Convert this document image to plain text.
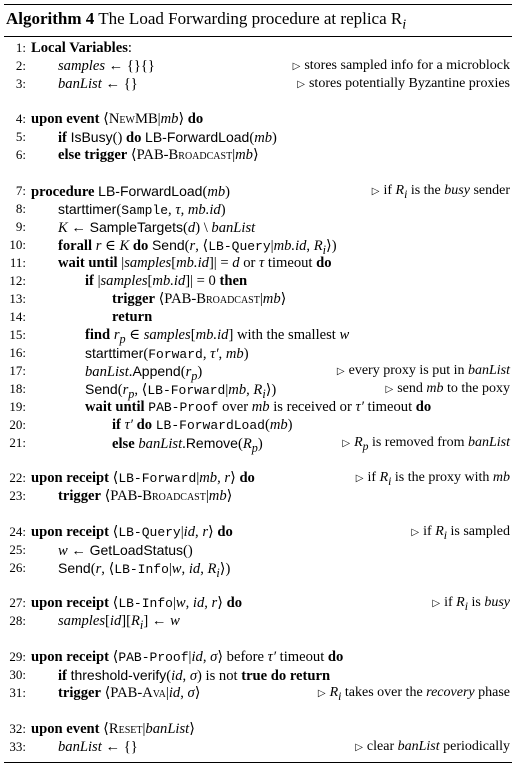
Algorithm 4 The Load Forwarding procedure at replica $R_i$
1: Local Variables:
2: samples ← {}{}	▷ stores sampled info for a microblock
3: banList ← {}	▷ stores potentially Byzantine proxies
4: upon event ⟨NewMB|mb⟩ do
5: if IsBusy() do LB-ForwardLoad(mb)
6: else trigger ⟨PAB-Broadcast|mb⟩
7: procedure LB-ForwardLoad(mb)	▷ if $R_i$ is the busy sender
8: starttimer(Sample, τ, mb.id)
9: K ← SampleTargets(d) \ banList
10: forall r ∈ K do Send(r, ⟨LB-Query|mb.id, $R_i⟩$)
11: wait until |samples[mb.id]| = d or τ timeout do
12:	if |samples[mb.id]| = 0 then
13:	trigger ⟨PAB-Broadcast|mb⟩
14:	return
15:	find $r_p$ ∈ samples[mb.id] with the smallest w
16:	starttimer(Forward, τ′, mb)
17:	$banList.Append(r_p)$	▷ every proxy is put in banList
18:	$Send(r_p$, ⟨LB-Forward|mb, $R_i⟩$)	▷ send mb to the poxy
19:	wait until PAB-Proof over mb is received or τ′ timeout do
20:	if τ′ do LB-ForwardLoad(mb)
21:	else $banList.Remove(R_p)$	▷ $R_p$ is removed from banList
22: upon receipt ⟨LB-Forward|mb, r⟩ do	▷ if $R_i$ is the proxy with mb
23: trigger ⟨PAB-Broadcast|mb⟩
24: upon receipt ⟨LB-Query|id, r⟩ do	▷ if $R_i$ is sampled
25: w ← GetLoadStatus()
26: Send(r, ⟨LB-Info|w, id, $R_i⟩$)
27: upon receipt ⟨LB-Info|w, id, r⟩ do	▷ if $R_i$ is busy
28: $samples[id][R_i]$ ← w
29: upon receipt ⟨PAB-Proof|id, σ⟩ before τ′ timeout do
30: if threshold-verify(id, σ) is not true do return
31: trigger ⟨PAB-Ava|id, σ⟩	▷ $R_i$ takes over the recovery phase
32: upon event ⟨Reset|banList⟩
33: banList ← {}	▷ clear banList periodically
